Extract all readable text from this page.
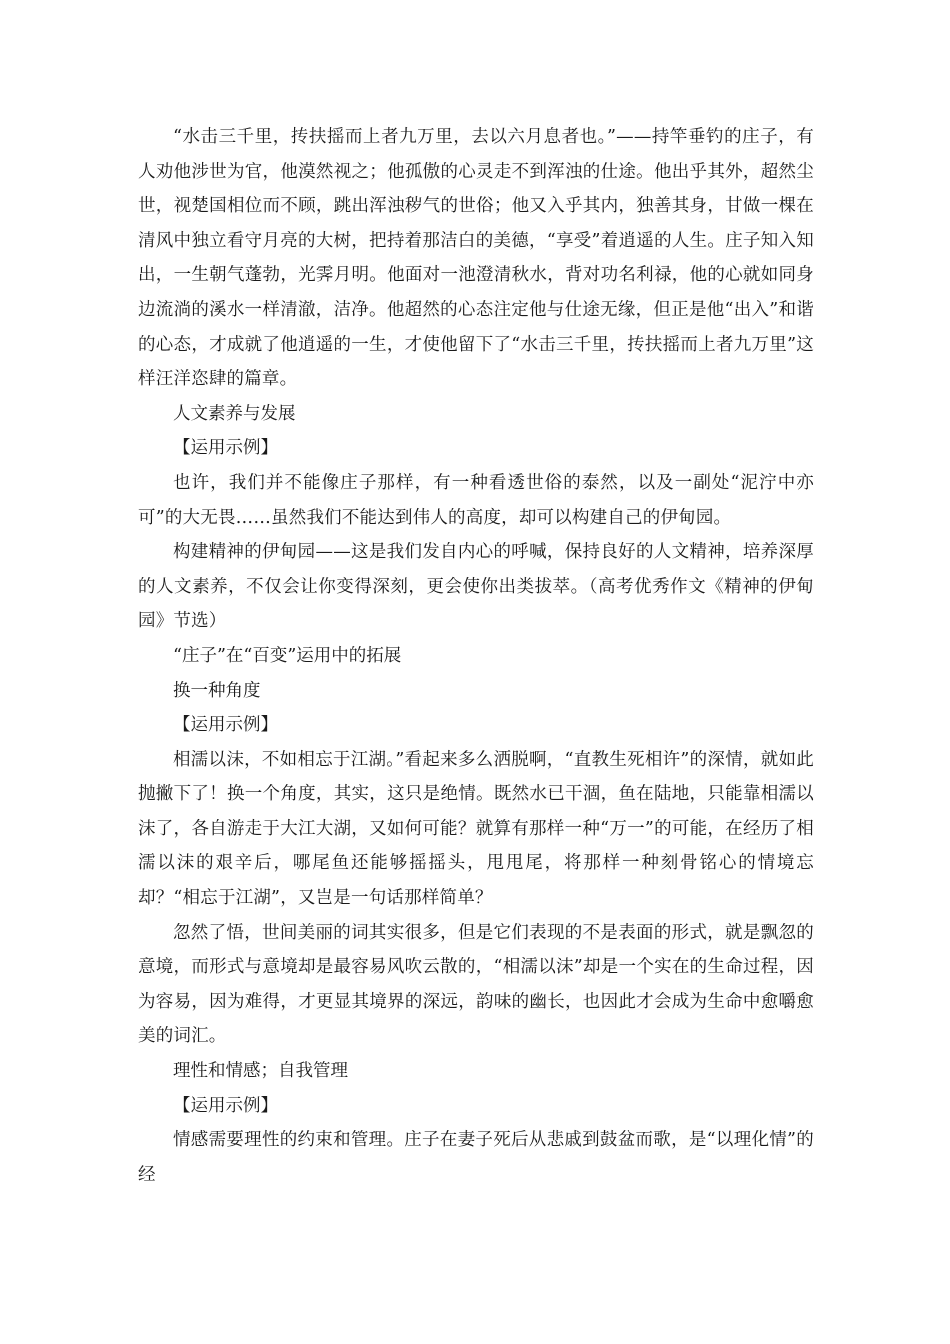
“水击三千里，抟扶摇而上者九万里，去以六月息者也。”——持竿垂钓的庄子，有人劝他涉世为官，他漠然视之；他孤傲的心灵走不到浑浊的仕途。他出乎其外，超然尘世，视楚国相位而不顾，跳出浑浊秽气的世俗；他又入乎其内，独善其身，甘做一棵在清风中独立看守月亮的大树，把持着那洁白的美德，“享受”着逍遥的人生。庄子知入知出，一生朝气蓬勃，光霁月明。他面对一池澄清秋水，背对功名利禄，他的心就如同身边流淌的溪水一样清澈，洁净。他超然的心态注定他与仕途无缘，但正是他“出入”和谐的心态，才成就了他逍遥的一生，才使他留下了“水击三千里，抟扶摇而上者九万里”这样汪洋恣肆的篇章。

人文素养与发展

【运用示例】

也许，我们并不能像庄子那样，有一种看透世俗的泰然，以及一副处“泥泞中亦可”的大无畏……虽然我们不能达到伟人的高度，却可以构建自己的伊甸园。

构建精神的伊甸园——这是我们发自内心的呼喊，保持良好的人文精神，培养深厚的人文素养，不仅会让你变得深刻，更会使你出类拔萃。（高考优秀作文《精神的伊甸园》节选）

“庄子”在“百变”运用中的拓展

换一种角度

【运用示例】

相濡以沫，不如相忘于江湖。”看起来多么洒脱啊，“直教生死相许”的深情，就如此抛撇下了！换一个角度，其实，这只是绝情。既然水已干涸，鱼在陆地，只能靠相濡以沫了，各自游走于大江大湖，又如何可能？就算有那样一种“万一”的可能，在经历了相濡以沫的艰辛后，哪尾鱼还能够摇摇头，甩甩尾，将那样一种刻骨铭心的情境忘却？“相忘于江湖”，又岂是一句话那样简单？

忽然了悟，世间美丽的词其实很多，但是它们表现的不是表面的形式，就是飘忽的意境，而形式与意境却是最容易风吹云散的，“相濡以沫”却是一个实在的生命过程，因为容易，因为难得，才更显其境界的深远，韵味的幽长，也因此才会成为生命中愈嚼愈美的词汇。

理性和情感；自我管理

【运用示例】

情感需要理性的约束和管理。庄子在妻子死后从悲戚到鼓盆而歌，是“以理化情”的经
